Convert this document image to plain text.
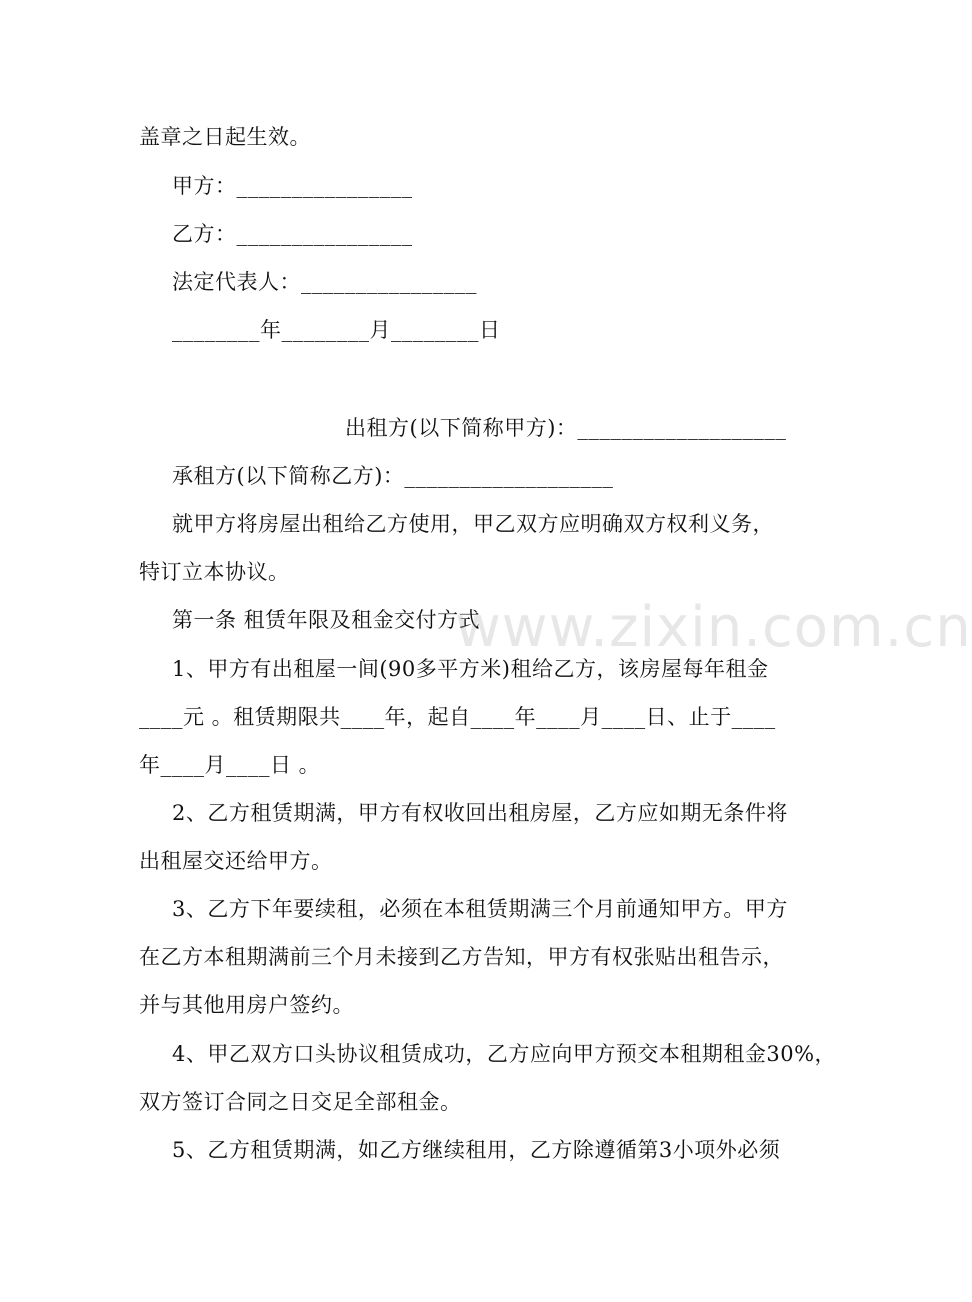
盖章之日起生效。
甲方：________________
乙方：________________
法定代表人：________________
________年________月________日
出租方(以下简称甲方)：___________________
承租方(以下简称乙方)：___________________
就甲方将房屋出租给乙方使用，甲乙双方应明确双方权利义务，
特订立本协议。
第一条 租赁年限及租金交付方式
1、甲方有出租屋一间(90多平方米)租给乙方，该房屋每年租金
____元 。租赁期限共____年，起自____年____月____日、止于____
年____月____日 。
2、乙方租赁期满，甲方有权收回出租房屋，乙方应如期无条件将
出租屋交还给甲方。
3、乙方下年要续租，必须在本租赁期满三个月前通知甲方。甲方
在乙方本租期满前三个月未接到乙方告知，甲方有权张贴出租告示，
并与其他用房户签约。
4、甲乙双方口头协议租赁成功，乙方应向甲方预交本租期租金30%，
双方签订合同之日交足全部租金。
5、乙方租赁期满，如乙方继续租用，乙方除遵循第3小项外必须
www.zixin.com.cn
